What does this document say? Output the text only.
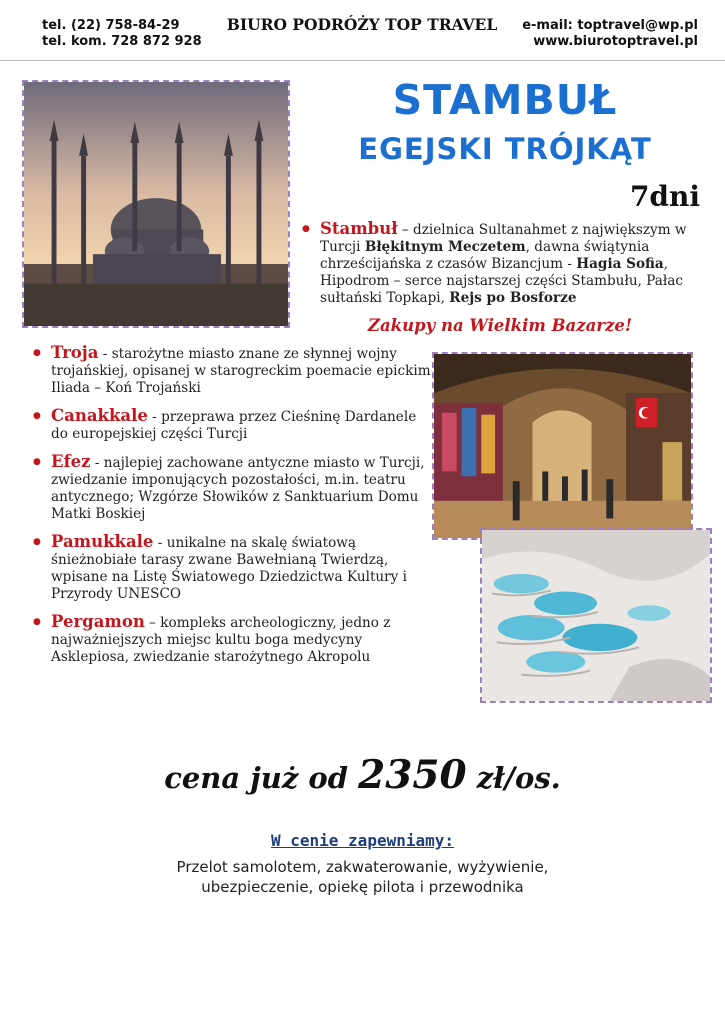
tel. (22) 758-84-29
tel. kom. 728 872 928
BIURO PODRÓŻY TOP TRAVEL	e-mail: toptravel@wp.pl
www.biurotoptravel.pl
STAMBUŁ
EGEJSKI TRÓJKĄT
7dni
● Stambuł – dzielnica Sultanahmet z największym w Turcji Błękitnym Meczetem, dawna świątynia chrześcijańska z czasów Bizancjum - Hagia Sofia, Hipodrom – serce najstarszej części Stambułu, Pałac sułtański Topkapi, Rejs po Bosforze
Zakupy na Wielkim Bazarze!
● Troja - starożytne miasto znane ze słynnej wojny trojańskiej, opisanej w starogreckim poemacie epickim Iliada – Koń Trojański
● Canakkale - przeprawa przez Cieśninę Dardanele do europejskiej części Turcji
● Efez - najlepiej zachowane antyczne miasto w Turcji, zwiedzanie imponujących pozostałości, m.in. teatru antycznego; Wzgórze Słowików z Sanktuarium Domu Matki Boskiej
● Pamukkale - unikalne na skalę światową śnieżnobiałe tarasy zwane Bawełnianą Twierdzą, wpisane na Listę Światowego Dziedzictwa Kultury i Przyrody UNESCO
● Pergamon – kompleks archeologiczny, jedno z najważniejszych miejsc kultu boga medycyny Asklepiosa, zwiedzanie starożytnego Akropolu
cena już od 2350 zł/os.
W cenie zapewniamy:
Przelot samolotem, zakwaterowanie, wyżywienie,
ubezpieczenie, opiekę pilota i przewodnika
